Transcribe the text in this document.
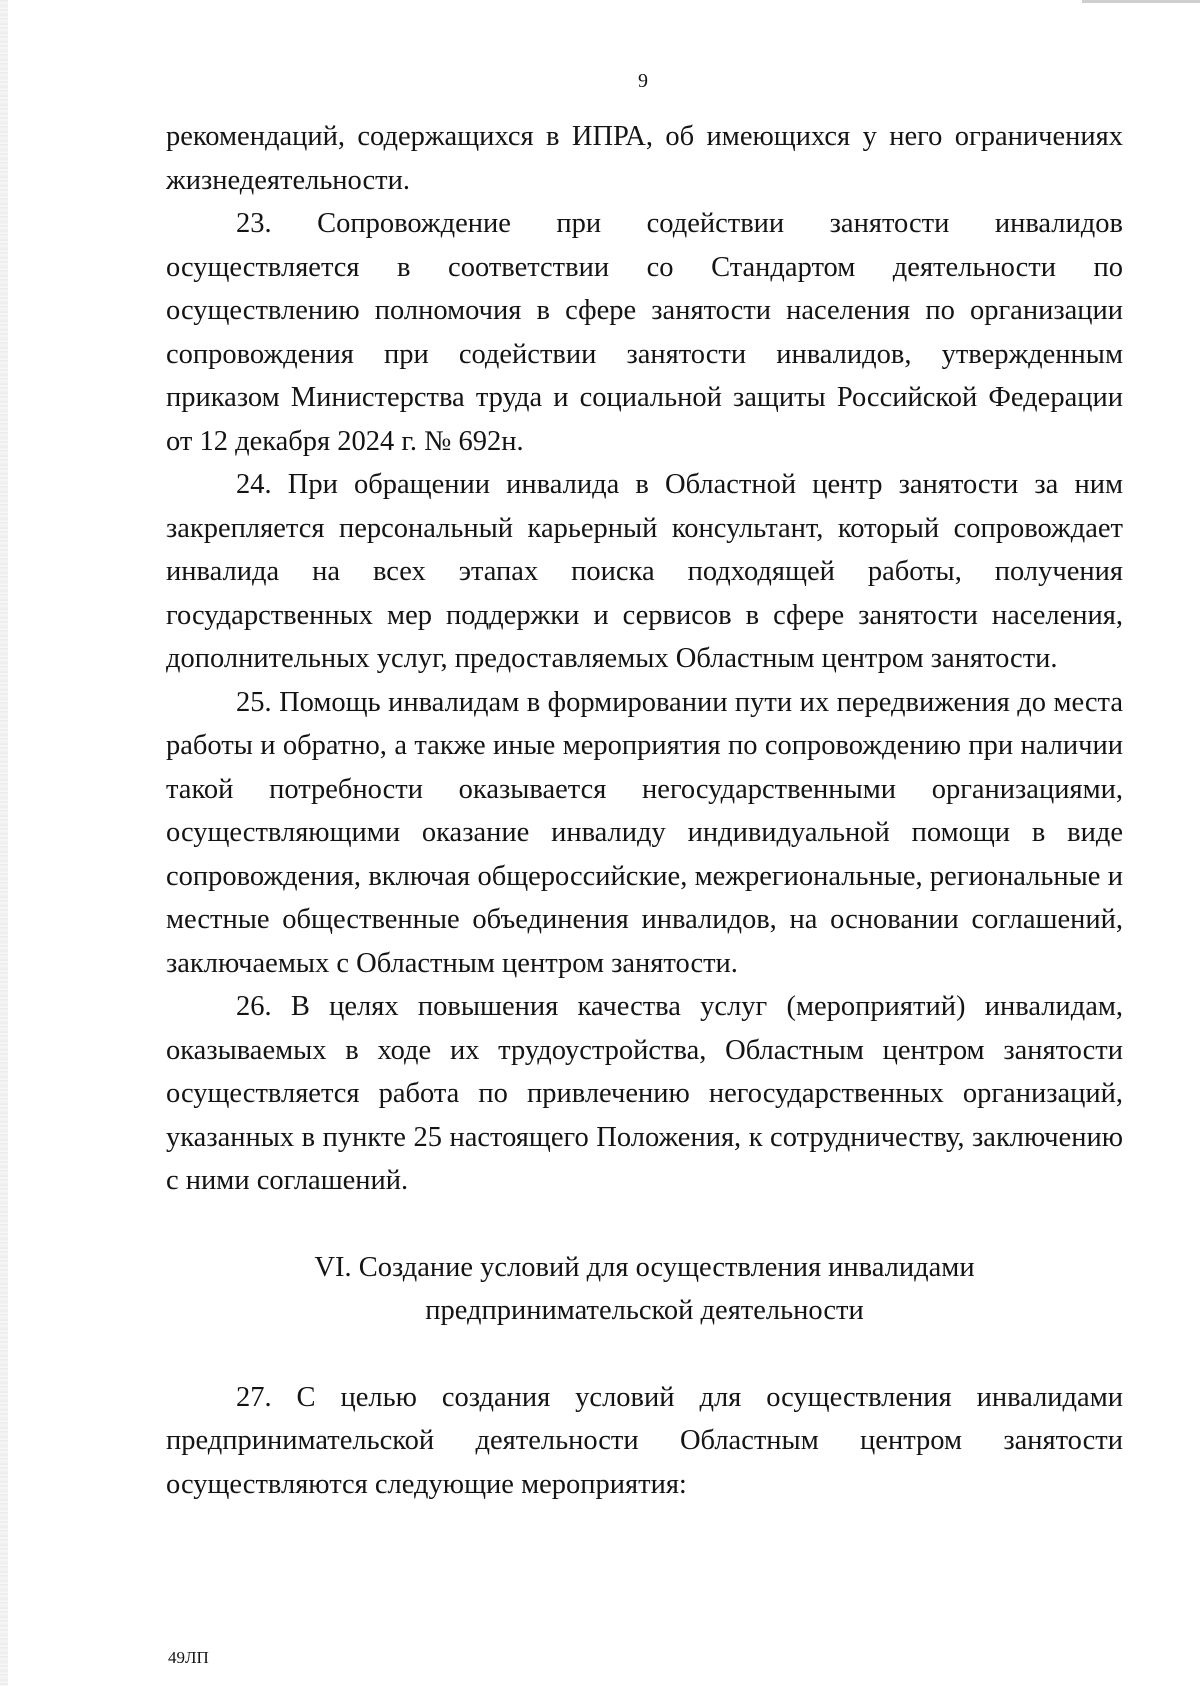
9

рекомендаций, содержащихся в ИПРА, об имеющихся у него ограничениях жизнедеятельности.

23. Сопровождение при содействии занятости инвалидов осуществляется в соответствии со Стандартом деятельности по осуществлению полномочия в сфере занятости населения по организации сопровождения при содействии занятости инвалидов, утвержденным приказом Министерства труда и социальной защиты Российской Федерации от 12 декабря 2024 г. № 692н.

24. При обращении инвалида в Областной центр занятости за ним закрепляется персональный карьерный консультант, который сопровождает инвалида на всех этапах поиска подходящей работы, получения государственных мер поддержки и сервисов в сфере занятости населения, дополнительных услуг, предоставляемых Областным центром занятости.

25. Помощь инвалидам в формировании пути их передвижения до места работы и обратно, а также иные мероприятия по сопровождению при наличии такой потребности оказывается негосударственными организациями, осуществляющими оказание инвалиду индивидуальной помощи в виде сопровождения, включая общероссийские, межрегиональные, региональные и местные общественные объединения инвалидов, на основании соглашений, заключаемых с Областным центром занятости.

26. В целях повышения качества услуг (мероприятий) инвалидам, оказываемых в ходе их трудоустройства, Областным центром занятости осуществляется работа по привлечению негосударственных организаций, указанных в пункте 25 настоящего Положения, к сотрудничеству, заключению с ними соглашений.

VI. Создание условий для осуществления инвалидами
предпринимательской деятельности

27. С целью создания условий для осуществления инвалидами предпринимательской деятельности Областным центром занятости осуществляются следующие мероприятия:

49ЛП
